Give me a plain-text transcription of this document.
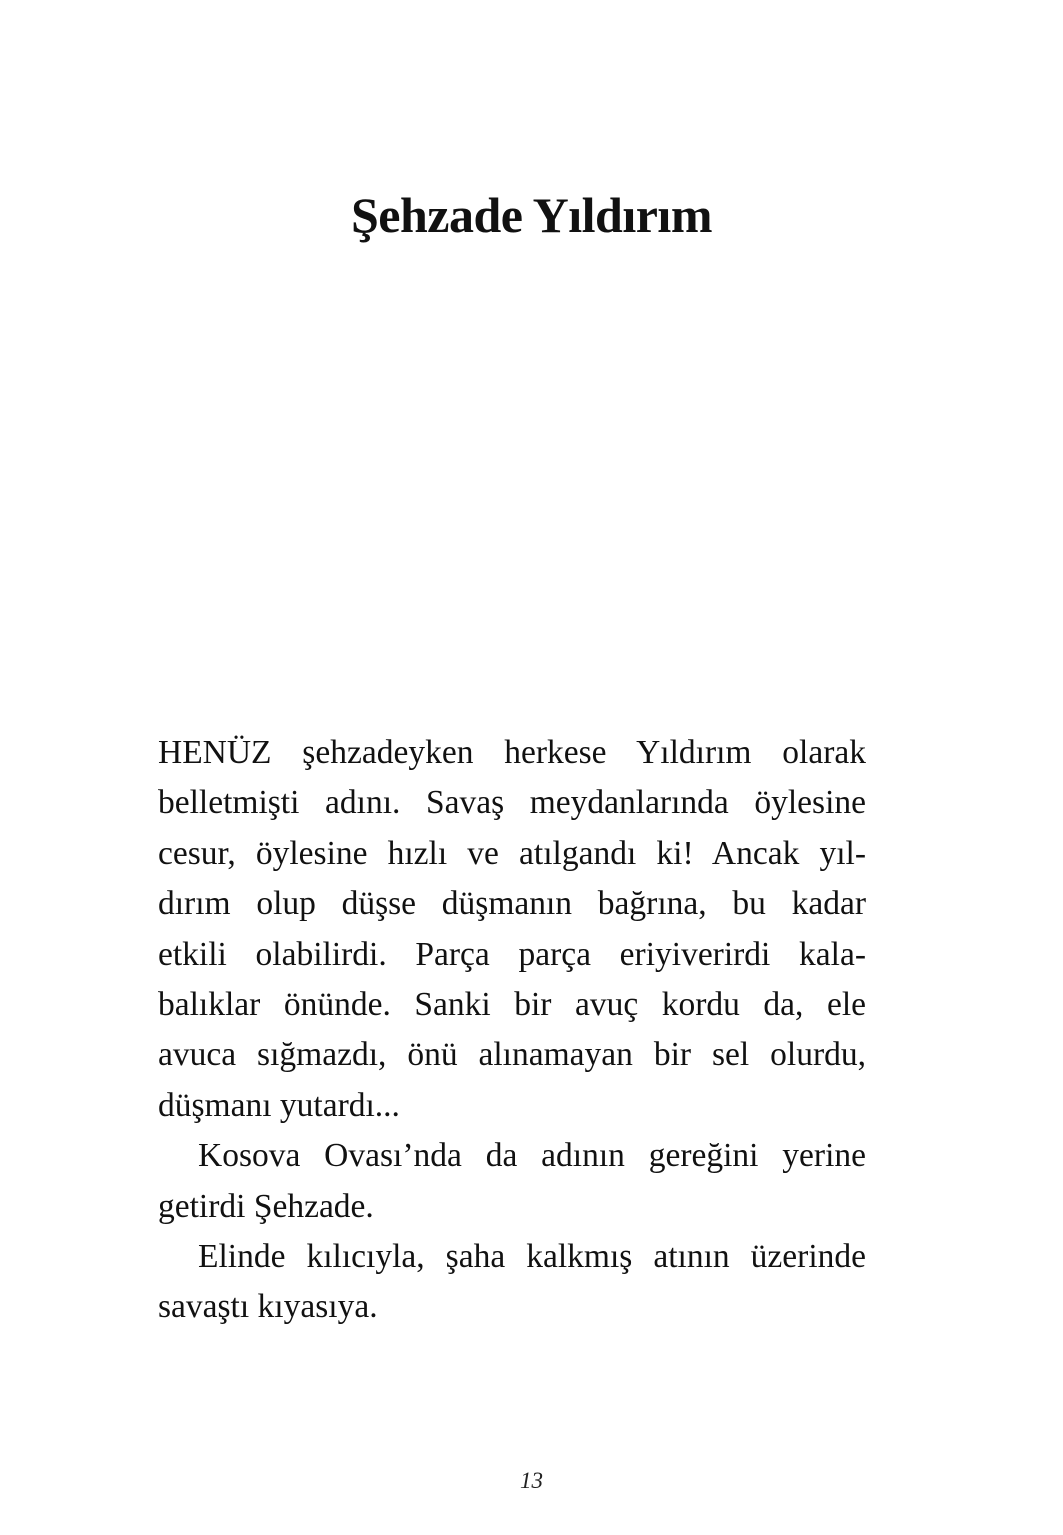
Şehzade Yıldırım
HENÜZ şehzadeyken herkese Yıldırım olarak
belletmişti adını. Savaş meydanlarında öylesine
cesur, öylesine hızlı ve atılgandı ki! Ancak yıl-
dırım olup düşse düşmanın bağrına, bu kadar
etkili olabilirdi. Parça parça eriyiverirdi kala-
balıklar önünde. Sanki bir avuç kordu da, ele
avuca sığmazdı, önü alınamayan bir sel olurdu,
düşmanı yutardı...
Kosova Ovası’nda da adının gereğini yerine
getirdi Şehzade.
Elinde kılıcıyla, şaha kalkmış atının üzerinde
savaştı kıyasıya.
13
